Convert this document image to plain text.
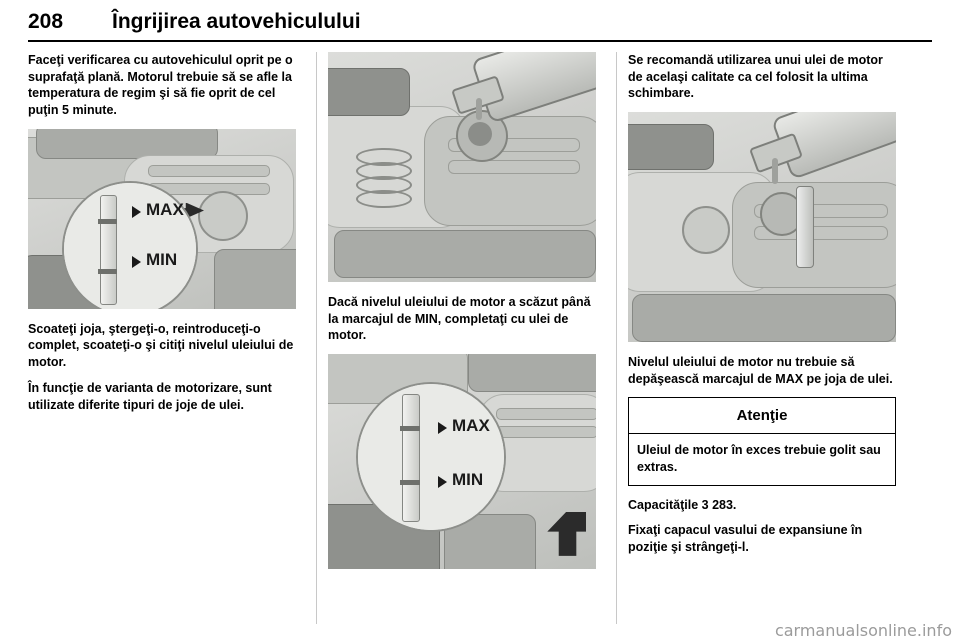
208 Îngrijirea autovehiculului

Faceţi verificarea cu autovehiculul oprit pe o suprafaţă plană. Motorul trebuie să se afle la temperatura de regim şi să fie oprit de cel puţin 5 minute.

MAX
MIN

Scoateţi joja, ştergeţi-o, reintroduceţi-o complet, scoateţi-o şi citiţi nivelul uleiului de motor.

În funcţie de varianta de motorizare, sunt utilizate diferite tipuri de joje de ulei.

Dacă nivelul uleiului de motor a scăzut până la marcajul de MIN, completaţi cu ulei de motor.

MAX
MIN

Se recomandă utilizarea unui ulei de motor de acelaşi calitate ca cel folosit la ultima schimbare.

Nivelul uleiului de motor nu trebuie să depăşească marcajul de MAX pe joja de ulei.

Atenţie
Uleiul de motor în exces trebuie golit sau extras.

Capacităţile 3 283.

Fixaţi capacul vasului de expansiune în poziţie şi strângeţi-l.

carmanualsonline.info
